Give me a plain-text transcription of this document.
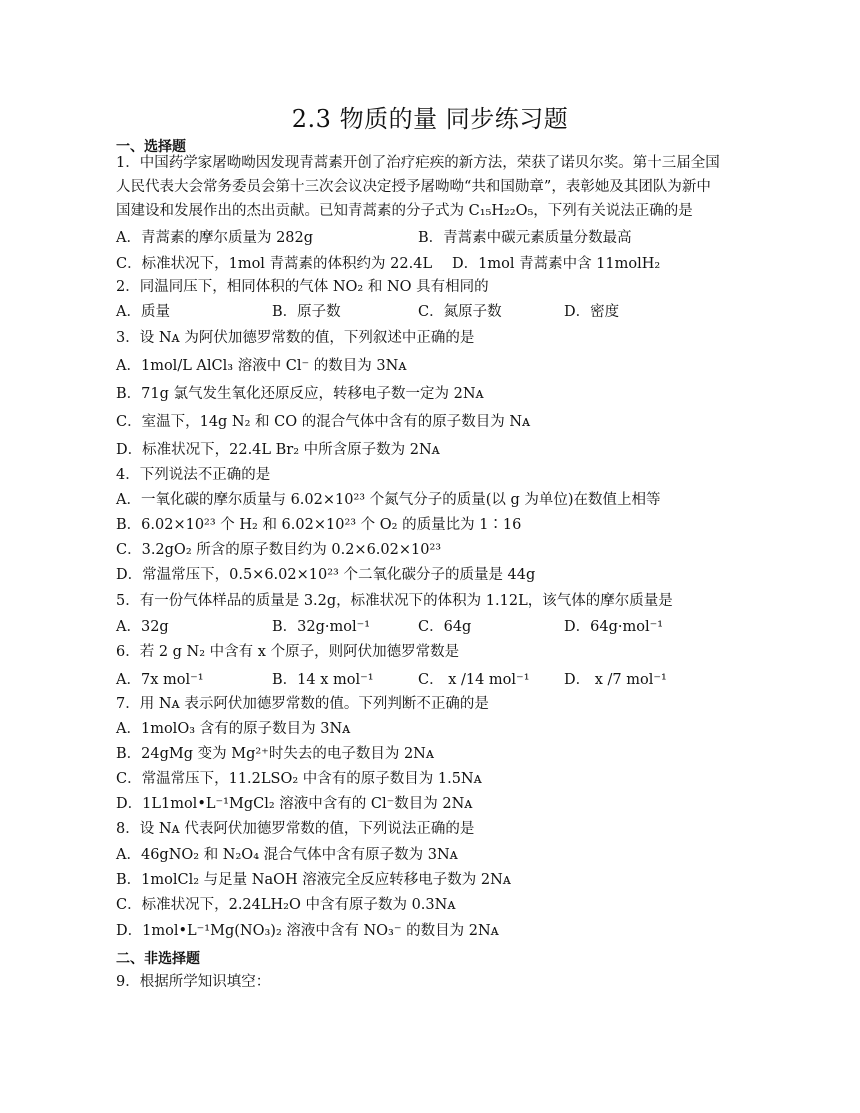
2.3 物质的量 同步练习题
一、选择题
1．中国药学家屠呦呦因发现青蒿素开创了治疗疟疾的新方法，荣获了诺贝尔奖。第十三届全国
人民代表大会常务委员会第十三次会议决定授予屠呦呦“共和国勋章”，表彰她及其团队为新中
国建设和发展作出的杰出贡献。已知青蒿素的分子式为 C₁₅H₂₂O₅，下列有关说法正确的是
A．青蒿素的摩尔质量为 282g	B．青蒿素中碳元素质量分数最高
C．标准状况下，1mol 青蒿素的体积约为 22.4L D．1mol 青蒿素中含 11molH₂
2．同温同压下，相同体积的气体 NO₂ 和 NO 具有相同的
A．质量	B．原子数	C．氮原子数	D．密度
3．设 Nᴀ 为阿伏加德罗常数的值，下列叙述中正确的是
A．1mol/L AlCl₃ 溶液中 Cl⁻ 的数目为 3Nᴀ
B．71g 氯气发生氧化还原反应，转移电子数一定为 2Nᴀ
C．室温下，14g N₂ 和 CO 的混合气体中含有的原子数目为 Nᴀ
D．标准状况下，22.4L Br₂ 中所含原子数为 2Nᴀ
4．下列说法不正确的是
A．一氧化碳的摩尔质量与 6.02×10²³ 个氮气分子的质量(以 g 为单位)在数值上相等
B．6.02×10²³ 个 H₂ 和 6.02×10²³ 个 O₂ 的质量比为 1∶16
C．3.2gO₂ 所含的原子数目约为 0.2×6.02×10²³
D．常温常压下，0.5×6.02×10²³ 个二氧化碳分子的质量是 44g
5．有一份气体样品的质量是 3.2g，标准状况下的体积为 1.12L，该气体的摩尔质量是
A．32g	B．32g·mol⁻¹	C．64g	D．64g·mol⁻¹
6．若 2 g N₂ 中含有 x 个原子，则阿伏加德罗常数是
A．7x mol⁻¹	B．14 x mol⁻¹	C． x /14 mol⁻¹ D． x /7 mol⁻¹
7．用 Nᴀ 表示阿伏加德罗常数的值。下列判断不正确的是
A．1molO₃ 含有的原子数目为 3Nᴀ
B．24gMg 变为 Mg²⁺时失去的电子数目为 2Nᴀ
C．常温常压下，11.2LSO₂ 中含有的原子数目为 1.5Nᴀ
D．1L1mol•L⁻¹MgCl₂ 溶液中含有的 Cl⁻数目为 2Nᴀ
8．设 Nᴀ 代表阿伏加德罗常数的值，下列说法正确的是
A．46gNO₂ 和 N₂O₄ 混合气体中含有原子数为 3Nᴀ
B．1molCl₂ 与足量 NaOH 溶液完全反应转移电子数为 2Nᴀ
C．标准状况下，2.24LH₂O 中含有原子数为 0.3Nᴀ
D．1mol•L⁻¹Mg(NO₃)₂ 溶液中含有 NO₃⁻ 的数目为 2Nᴀ
二、非选择题
9．根据所学知识填空：
